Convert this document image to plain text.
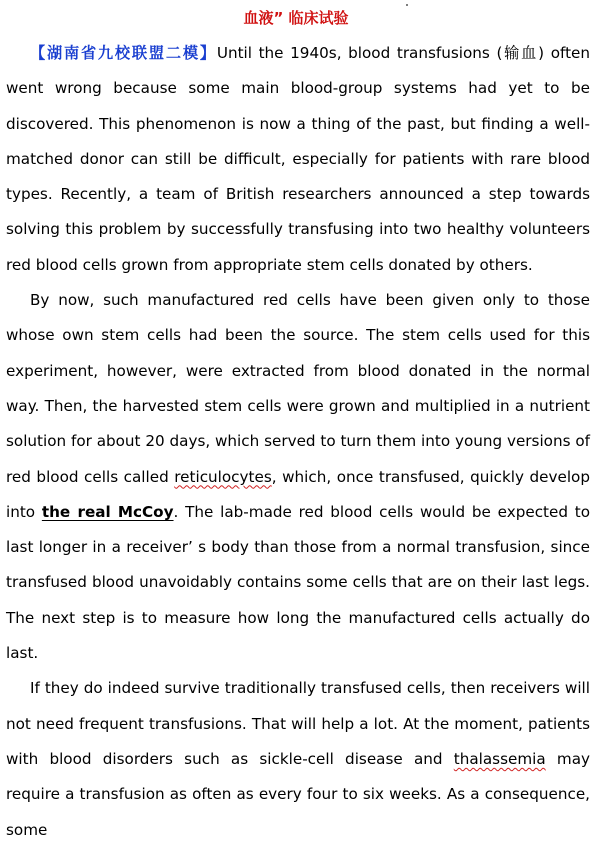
血液” 临床试验

【湖南省九校联盟二模】Until the 1940s, blood transfusions (输血) often went wrong because some main blood-group systems had yet to be discovered. This phenomenon is now a thing of the past, but finding a well-matched donor can still be difficult, especially for patients with rare blood types. Recently, a team of British researchers announced a step towards solving this problem by successfully transfusing into two healthy volunteers red blood cells grown from appropriate stem cells donated by others.

By now, such manufactured red cells have been given only to those whose own stem cells had been the source. The stem cells used for this experiment, however, were extracted from blood donated in the normal way. Then, the harvested stem cells were grown and multiplied in a nutrient solution for about 20 days, which served to turn them into young versions of red blood cells called reticulocytes, which, once transfused, quickly develop into the real McCoy. The lab-made red blood cells would be expected to last longer in a receiver’ s body than those from a normal transfusion, since transfused blood unavoidably contains some cells that are on their last legs. The next step is to measure how long the manufactured cells actually do last.

If they do indeed survive traditionally transfused cells, then receivers will not need frequent transfusions. That will help a lot. At the moment, patients with blood disorders such as sickle-cell disease and thalassemia may require a transfusion as often as every four to six weeks. As a consequence, some
